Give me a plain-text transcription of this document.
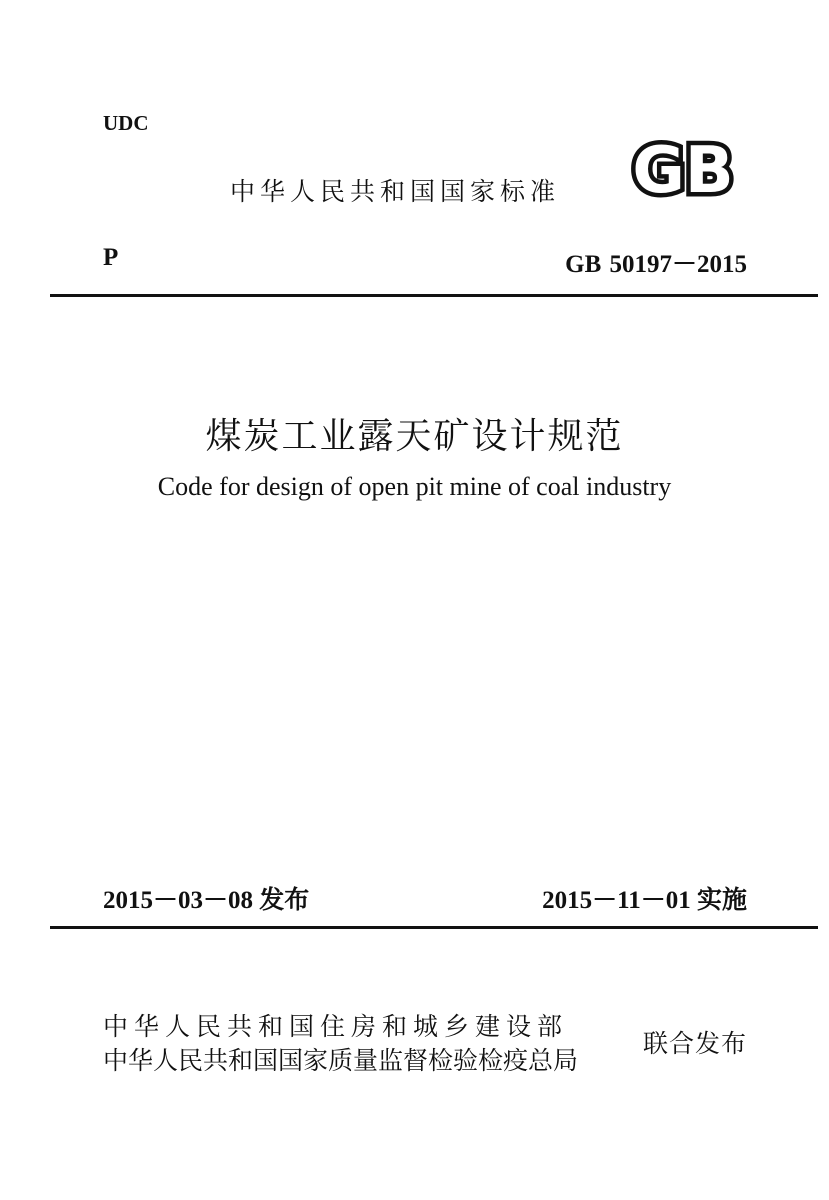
UDC
中华人民共和国国家标准 GB
P	GB 50197－2015
煤炭工业露天矿设计规范
Code for design of open pit mine of coal industry
2015－03－08 发布	2015－11－01 实施
中华人民共和国住房和城乡建设部
中华人民共和国国家质量监督检验检疫总局
联合发布
